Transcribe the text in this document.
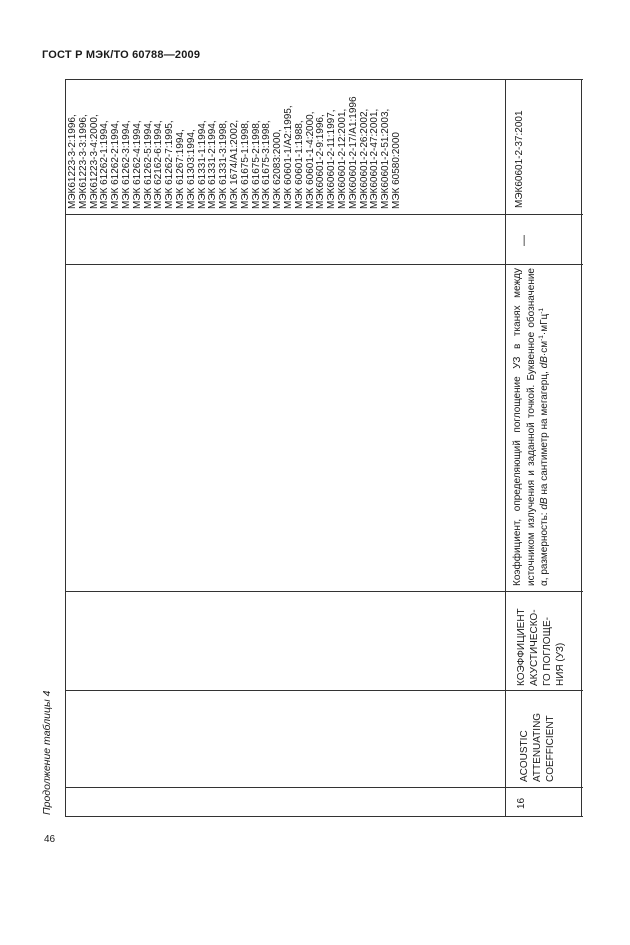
ГОСТ Р МЭК/ТО 60788—2009
Продолжение таблицы 4
46
МЭК61223-3-2:1996, МЭК61223-3-3:1996, МЭК61223-3-4:2000, МЭК 61262-1:1994, МЭК 61262-2:1994, МЭК 61262-3:1994, МЭК 61262-4:1994, МЭК 61262-5:1994, МЭК 62162-6:1994, МЭК 61262-7:1995, МЭК 61267:1994, МЭК 61303:1994, МЭК 61331-1:1994, МЭК 61331-2:1994, МЭК 61331-3:1998, МЭК 1674/А1:2002, МЭК 61675-1:1998, МЭК 61675-2:1998, МЭК 61675-3:1998, МЭК 62083:2000, МЭК 60601-1/А2:1995, МЭК 60601-1:1988, МЭК 60601-1-4:2000, МЭК60601-2-9:1996, МЭК60601-2-11:1997, МЭК60601-2-12:2001, МЭК60601-2-17/А1:1996 МЭК60601-2-26:2002, МЭК60601-2-47:2001, МЭК60601-2-51:2003, МЭК 60580:2000	МЭК60601-2-37:2001
—
Коэффициент, определяющий поглощение УЗ в тканях между источником излучения и заданной точкой. Буквенное обозначение α, размерность: dB на сантиметр на мегагерц, $dB\cdot см^{-1}\cdot мГц^{-1}$
КОЭФФИЦИЕНТ АКУСТИЧЕСКО- ГО ПОГЛОЩЕ- НИЯ (УЗ)
ACOUSTIC ATTENUATING COEFFICIENT
16
